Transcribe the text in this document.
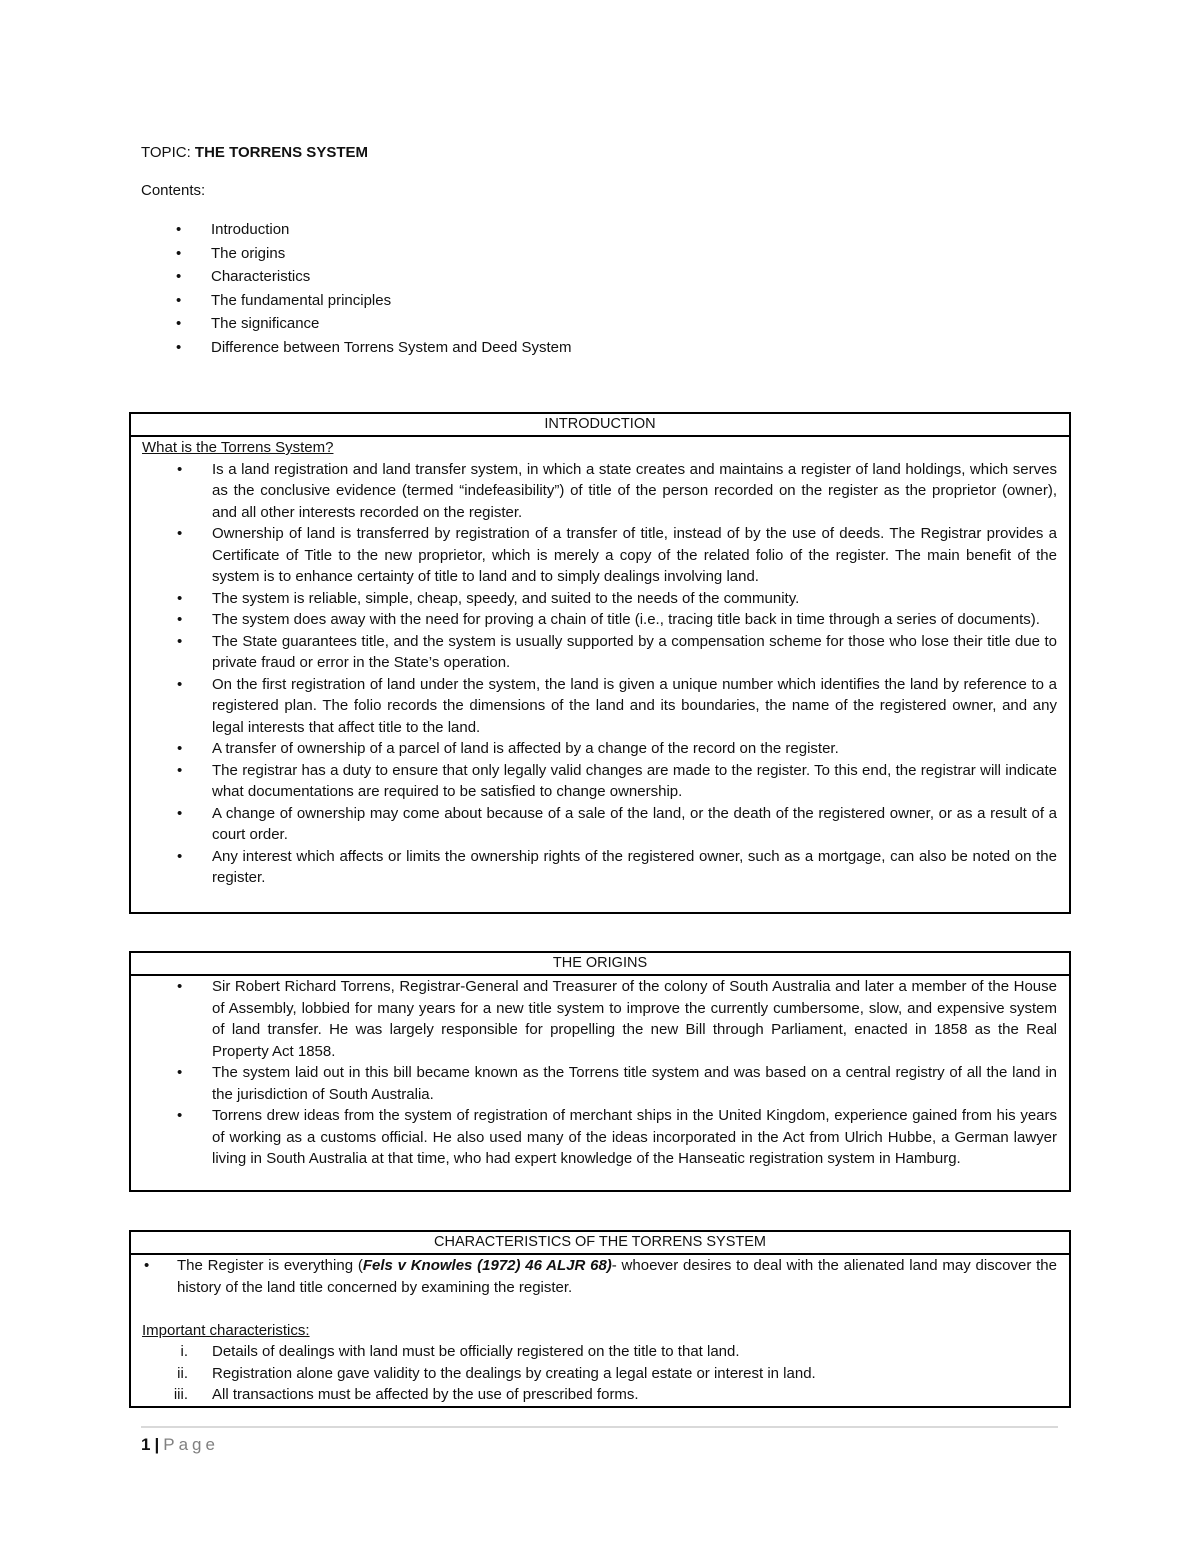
TOPIC: THE TORRENS SYSTEM
Contents:
• Introduction
• The origins
• Characteristics
• The fundamental principles
• The significance
• Difference between Torrens System and Deed System
INTRODUCTION
What is the Torrens System?
• Is a land registration and land transfer system, in which a state creates and maintains a register of land holdings, which serves as the conclusive evidence (termed “indefeasibility”) of title of the person recorded on the register as the proprietor (owner), and all other interests recorded on the register.
• Ownership of land is transferred by registration of a transfer of title, instead of by the use of deeds. The Registrar provides a Certificate of Title to the new proprietor, which is merely a copy of the related folio of the register. The main benefit of the system is to enhance certainty of title to land and to simply dealings involving land.
• The system is reliable, simple, cheap, speedy, and suited to the needs of the community.
• The system does away with the need for proving a chain of title (i.e., tracing title back in time through a series of documents).
• The State guarantees title, and the system is usually supported by a compensation scheme for those who lose their title due to private fraud or error in the State’s operation.
• On the first registration of land under the system, the land is given a unique number which identifies the land by reference to a registered plan. The folio records the dimensions of the land and its boundaries, the name of the registered owner, and any legal interests that affect title to the land.
• A transfer of ownership of a parcel of land is affected by a change of the record on the register.
• The registrar has a duty to ensure that only legally valid changes are made to the register. To this end, the registrar will indicate what documentations are required to be satisfied to change ownership.
• A change of ownership may come about because of a sale of the land, or the death of the registered owner, or as a result of a court order.
• Any interest which affects or limits the ownership rights of the registered owner, such as a mortgage, can also be noted on the register.
THE ORIGINS
• Sir Robert Richard Torrens, Registrar-General and Treasurer of the colony of South Australia and later a member of the House of Assembly, lobbied for many years for a new title system to improve the currently cumbersome, slow, and expensive system of land transfer. He was largely responsible for propelling the new Bill through Parliament, enacted in 1858 as the Real Property Act 1858.
• The system laid out in this bill became known as the Torrens title system and was based on a central registry of all the land in the jurisdiction of South Australia.
• Torrens drew ideas from the system of registration of merchant ships in the United Kingdom, experience gained from his years of working as a customs official. He also used many of the ideas incorporated in the Act from Ulrich Hubbe, a German lawyer living in South Australia at that time, who had expert knowledge of the Hanseatic registration system in Hamburg.
CHARACTERISTICS OF THE TORRENS SYSTEM
• The Register is everything (Fels v Knowles (1972) 46 ALJR 68)- whoever desires to deal with the alienated land may discover the history of the land title concerned by examining the register.
Important characteristics:
i. Details of dealings with land must be officially registered on the title to that land.
ii. Registration alone gave validity to the dealings by creating a legal estate or interest in land.
iii. All transactions must be affected by the use of prescribed forms.
1 | Page
